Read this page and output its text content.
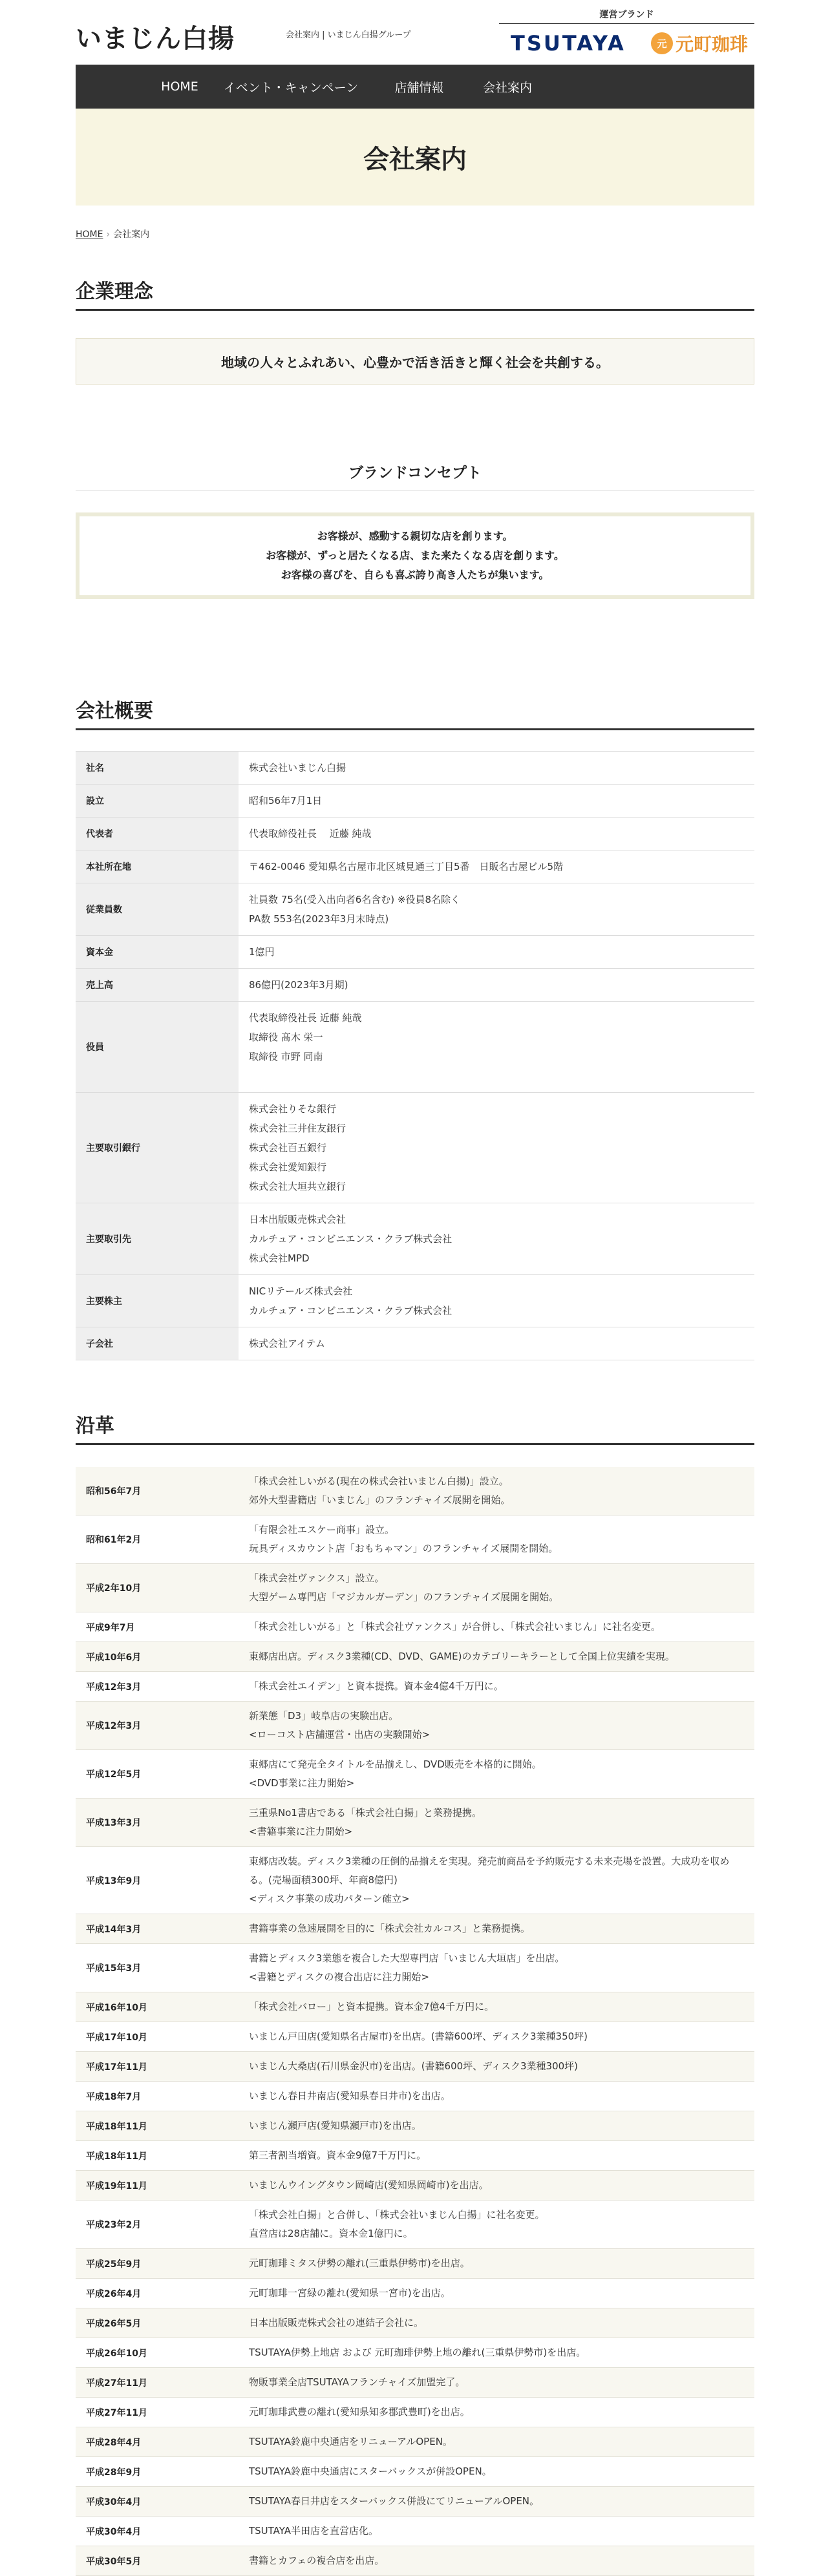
いまじん白揚	会社案内 | いまじん白揚グループ
運営ブランド
TSUTAYA	元 元町珈琲
HOME	イベント・キャンペーン	店舗情報	会社案内
会社案内
HOME › 会社案内
企業理念
地域の人々とふれあい、心豊かで活き活きと輝く社会を共創する。
ブランドコンセプト
お客様が、感動する親切な店を創ります。
お客様が、ずっと居たくなる店、また来たくなる店を創ります。
お客様の喜びを、自らも喜ぶ誇り高き人たちが集います。
会社概要
社名	株式会社いまじん白揚

設立	昭和56年7月1日

代表者	代表取締役社長　 近藤 純哉

本社所在地	〒462-0046 愛知県名古屋市北区城見通三丁目5番　日販名古屋ビル5階

従業員数	社員数 75名(受入出向者6名含む) ※役員8名除く
PA数 553名(2023年3月末時点)

資本金	1億円

売上高	86億円(2023年3月期)

役員	代表取締役社長 近藤 純哉
取締役 髙木 栄一
取締役 市野 同南

主要取引銀行	株式会社りそな銀行
株式会社三井住友銀行
株式会社百五銀行
株式会社愛知銀行
株式会社大垣共立銀行

主要取引先	日本出版販売株式会社
カルチュア・コンビニエンス・クラブ株式会社
株式会社MPD

主要株主	NICリテールズ株式会社
カルチュア・コンビニエンス・クラブ株式会社

子会社	株式会社アイテム
沿革
昭和56年7月	「株式会社しいがる(現在の株式会社いまじん白揚)」設立。
郊外大型書籍店「いまじん」のフランチャイズ展開を開始。

昭和61年2月	「有限会社エスケー商事」設立。
玩具ディスカウント店「おもちゃマン」のフランチャイズ展開を開始。

平成2年10月	「株式会社ヴァンクス」設立。
大型ゲーム専門店「マジカルガーデン」のフランチャイズ展開を開始。

平成9年7月	「株式会社しいがる」と「株式会社ヴァンクス」が合併し、「株式会社いまじん」に社名変更。

平成10年6月	東郷店出店。ディスク3業種(CD、DVD、GAME)のカテゴリーキラーとして全国上位実績を実現。

平成12年3月	「株式会社エイデン」と資本提携。資本金4億4千万円に。

平成12年3月	新業態「D3」岐阜店の実験出店。
<ローコスト店舗運営・出店の実験開始>

平成12年5月	東郷店にて発売全タイトルを品揃えし、DVD販売を本格的に開始。
<DVD事業に注力開始>

平成13年3月	三重県No1書店である「株式会社白揚」と業務提携。
<書籍事業に注力開始>

平成13年9月	東郷店改装。ディスク3業種の圧倒的品揃えを実現。発売前商品を予約販売する未来売場を設置。大成功を収める。(売場面積300坪、年商8億円)
<ディスク事業の成功パターン確立>

平成14年3月	書籍事業の急速展開を目的に「株式会社カルコス」と業務提携。

平成15年3月	書籍とディスク3業態を複合した大型専門店「いまじん大垣店」を出店。
<書籍とディスクの複合出店に注力開始>

平成16年10月	「株式会社バロー」と資本提携。資本金7億4千万円に。

平成17年10月	いまじん戸田店(愛知県名古屋市)を出店。(書籍600坪、ディスク3業種350坪)

平成17年11月	いまじん大桑店(石川県金沢市)を出店。(書籍600坪、ディスク3業種300坪)

平成18年7月	いまじん春日井南店(愛知県春日井市)を出店。

平成18年11月	いまじん瀬戸店(愛知県瀬戸市)を出店。

平成18年11月	第三者割当増資。資本金9億7千万円に。

平成19年11月	いまじんウイングタウン岡崎店(愛知県岡崎市)を出店。

平成23年2月	「株式会社白揚」と合併し、「株式会社いまじん白揚」に社名変更。
直営店は28店舗に。資本金1億円に。

平成25年9月	元町珈琲ミタス伊勢の離れ(三重県伊勢市)を出店。

平成26年4月	元町珈琲一宮緑の離れ(愛知県一宮市)を出店。

平成26年5月	日本出版販売株式会社の連結子会社に。

平成26年10月	TSUTAYA伊勢上地店 および 元町珈琲伊勢上地の離れ(三重県伊勢市)を出店。

平成27年11月	物販事業全店TSUTAYAフランチャイズ加盟完了。

平成27年11月	元町珈琲武豊の離れ(愛知県知多郡武豊町)を出店。

平成28年4月	TSUTAYA鈴鹿中央通店をリニューアルOPEN。

平成28年9月	TSUTAYA鈴鹿中央通店にスターバックスが併設OPEN。

平成30年4月	TSUTAYA春日井店をスターバックス併設にてリニューアルOPEN。

平成30年4月	TSUTAYA半田店を直営店化。

平成30年5月	書籍とカフェの複合店を出店。
